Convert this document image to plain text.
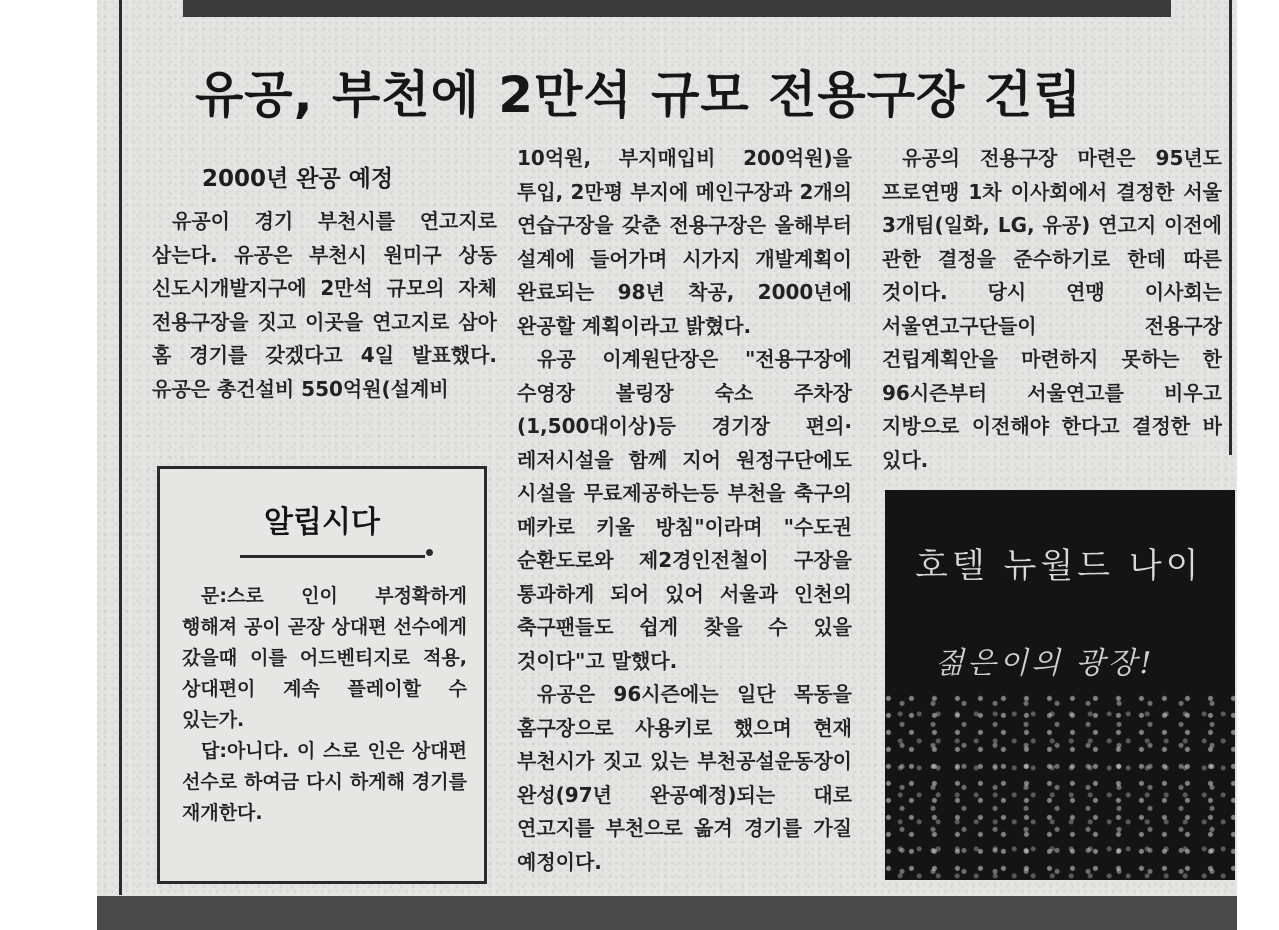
유공, 부천에 2만석 규모 전용구장 건립
2000년 완공 예정

유공이 경기 부천시를 연고지로 삼는다. 유공은 부천시 원미구 상동 신도시개발지구에 2만석 규모의 자체 전용구장을 짓고 이곳을 연고지로 삼아 홈 경기를 갖겠다고 4일 발표했다. 유공은 총건설비 550억원(설계비

10억원, 부지매입비 200억원)을 투입, 2만평 부지에 메인구장과 2개의 연습구장을 갖춘 전용구장은 올해부터 설계에 들어가며 시가지 개발계획이 완료되는 98년 착공, 2000년에 완공할 계획이라고 밝혔다.

유공 이계원단장은 "전용구장에 수영장 볼링장 숙소 주차장(1,500대이상)등 경기장 편의·레저시설을 함께 지어 원정구단에도 시설을 무료제공하는등 부천을 축구의 메카로 키울 방침"이라며 "수도권 순환도로와 제2경인전철이 구장을 통과하게 되어 있어 서울과 인천의 축구팬들도 쉽게 찾을 수 있을 것이다"고 말했다.

유공은 96시즌에는 일단 목동을 홈구장으로 사용키로 했으며 현재 부천시가 짓고 있는 부천공설운동장이 완성(97년 완공예정)되는 대로 연고지를 부천으로 옮겨 경기를 가질 예정이다.

유공의 전용구장 마련은 95년도 프로연맹 1차 이사회에서 결정한 서울 3개팀(일화, LG, 유공) 연고지 이전에 관한 결정을 준수하기로 한데 따른 것이다. 당시 연맹 이사회는 서울연고구단들이 전용구장 건립계획안을 마련하지 못하는 한 96시즌부터 서울연고를 비우고 지방으로 이전해야 한다고 결정한 바 있다.

알립시다

문:스로 인이 부정확하게 행해져 공이 곧장 상대편 선수에게 갔을때 이를 어드벤티지로 적용, 상대편이 계속 플레이할 수 있는가.

답:아니다. 이 스로 인은 상대편 선수로 하여금 다시 하게해 경기를 재개한다.

호텔 뉴월드 나이
젊은이의 광장!
